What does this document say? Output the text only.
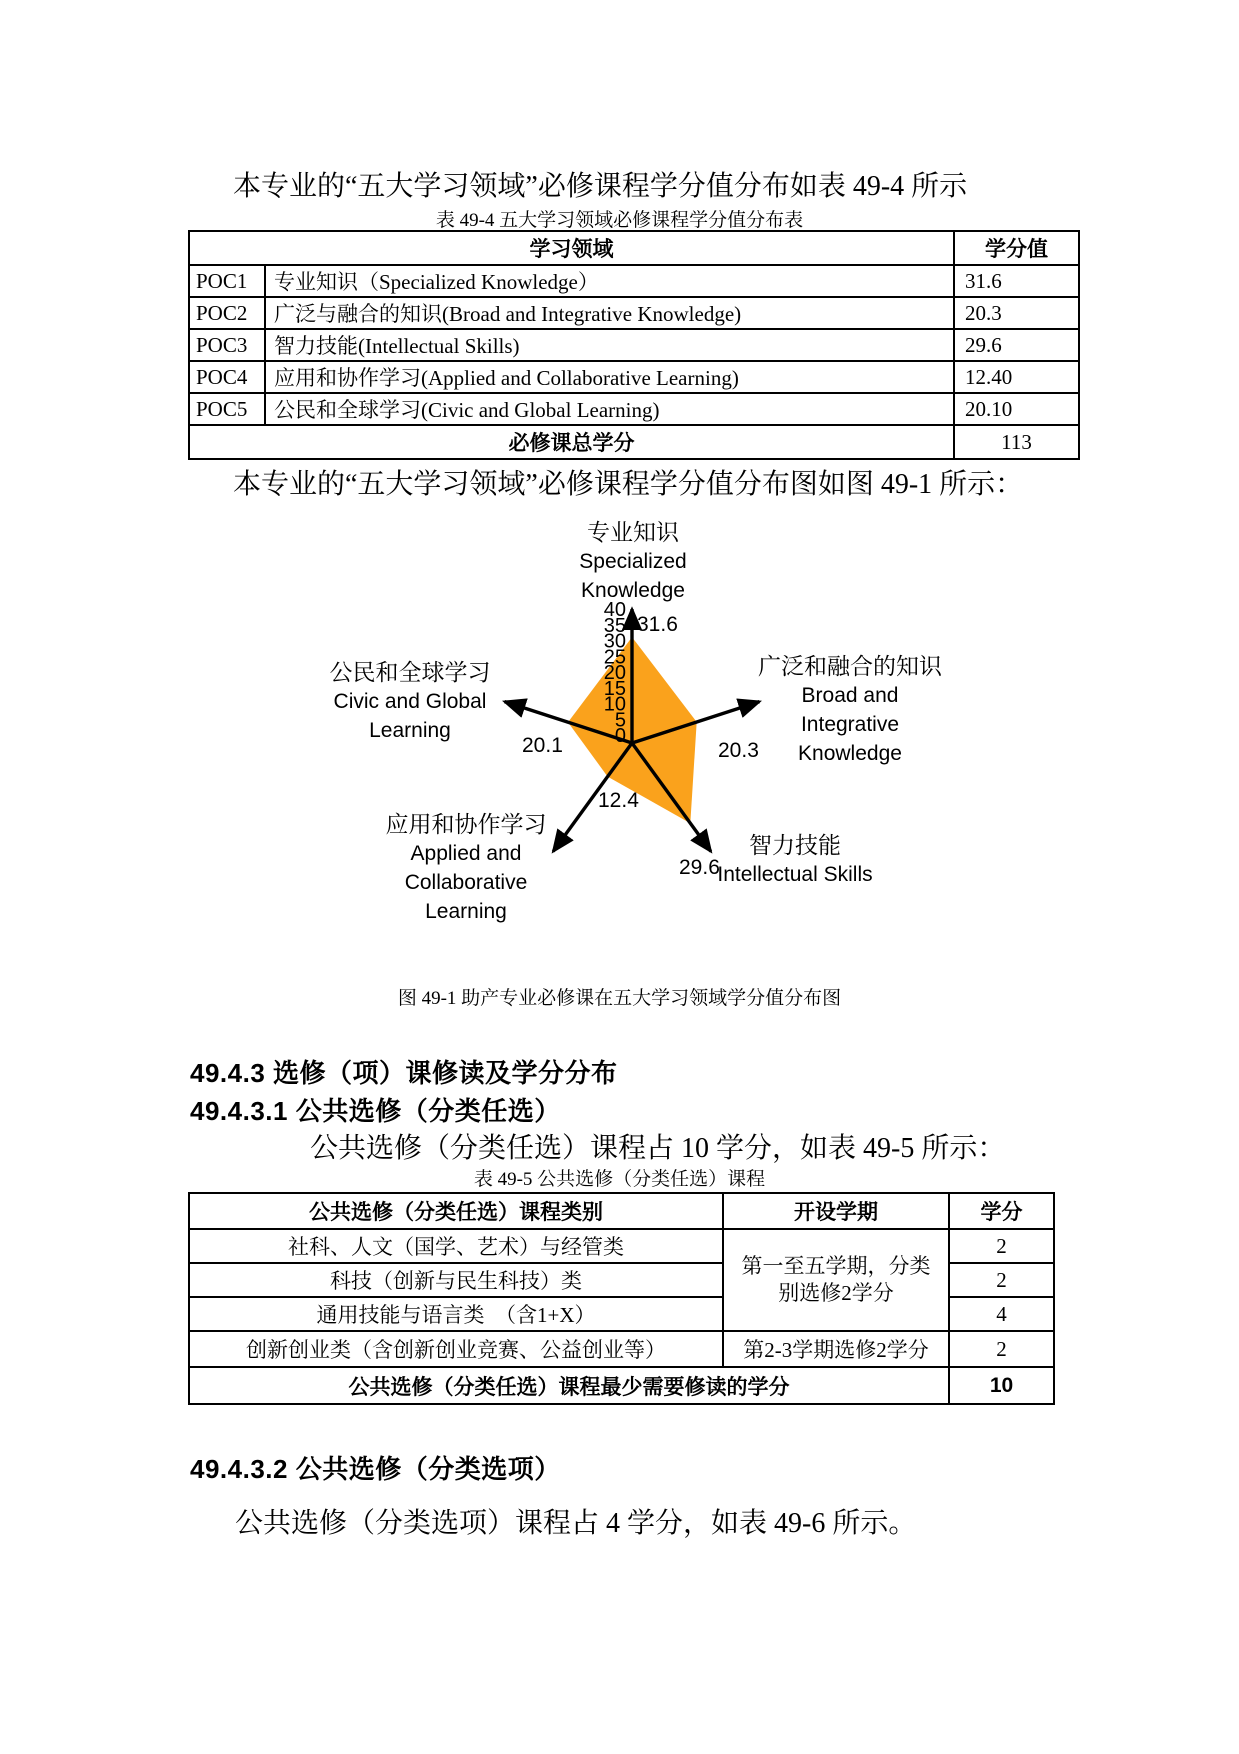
本专业的“五大学习领域”必修课程学分值分布如表 49-4 所示
表 49-4 五大学习领域必修课程学分值分布表
学习领域		学分值
POC1	专业知识（Specialized Knowledge）	31.6
POC2	广泛与融合的知识(Broad and Integrative Knowledge)	20.3
POC3	智力技能(Intellectual Skills)	29.6
POC4	应用和协作学习(Applied and Collaborative Learning)	12.40
POC5	公民和全球学习(Civic and Global Learning)	20.10
必修课总学分		113
本专业的“五大学习领域”必修课程学分值分布图如图 49-1 所示：
40
35
30
25
20
15
10
5
0
31.6
20.3
29.6
12.4
20.1
专业知识
Specialized
Knowledge
广泛和融合的知识
Broad and
Integrative
Knowledge
智力技能
Intellectual Skills
应用和协作学习
Applied and
Collaborative
Learning
公民和全球学习
Civic and Global
Learning
图 49-1 助产专业必修课在五大学习领域学分值分布图
49.4.3 选修（项）课修读及学分分布
49.4.3.1 公共选修（分类任选）
公共选修（分类任选）课程占 10 学分，如表 49-5 所示：
表 49-5 公共选修（分类任选）课程
公共选修（分类任选）课程类别	开设学期	学分
社科、人文（国学、艺术）与经管类	第一至五学期，分类别选修2学分	2
科技（创新与民生科技）类		2
通用技能与语言类　（含1+X）		4
创新创业类（含创新创业竞赛、公益创业等）	第2-3学期选修2学分	2
公共选修（分类任选）课程最少需要修读的学分		10
49.4.3.2 公共选修（分类选项）
公共选修（分类选项）课程占 4 学分，如表 49-6 所示。
